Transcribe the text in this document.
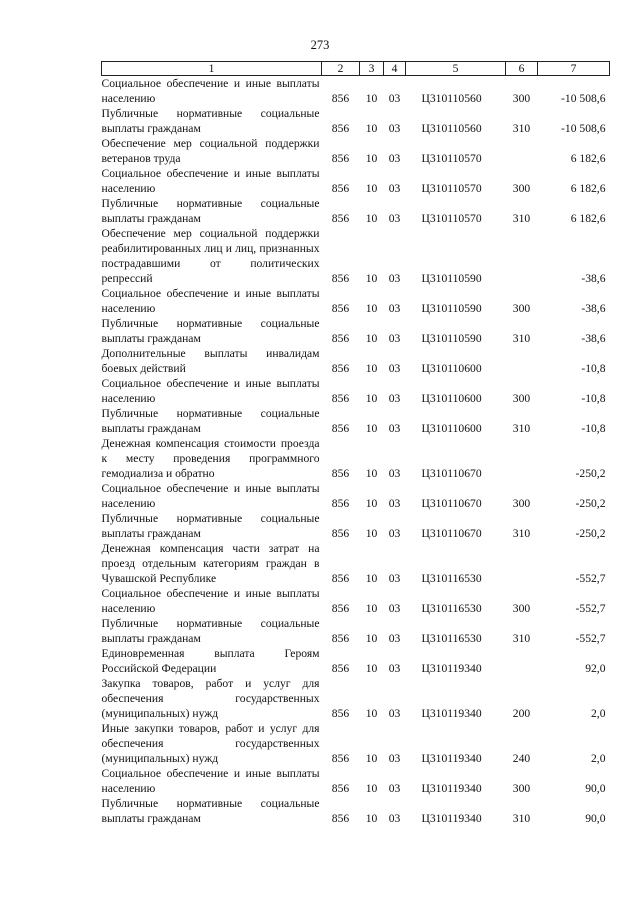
273
1	2	3	4	5	6	7
Социальное обеспечение и иные выплаты населению	856	10	03	Ц310110560	300	-10 508,6
Публичные нормативные социальные выплаты гражданам	856	10	03	Ц310110560	310	-10 508,6
Обеспечение мер социальной поддержки ветеранов труда	856	10	03	Ц310110570		6 182,6
Социальное обеспечение и иные выплаты населению	856	10	03	Ц310110570	300	6 182,6
Публичные нормативные социальные выплаты гражданам	856	10	03	Ц310110570	310	6 182,6
Обеспечение мер социальной поддержки реабилитированных лиц и лиц, признанных пострадавшими от политических репрессий	856	10	03	Ц310110590		-38,6
Социальное обеспечение и иные выплаты населению	856	10	03	Ц310110590	300	-38,6
Публичные нормативные социальные выплаты гражданам	856	10	03	Ц310110590	310	-38,6
Дополнительные выплаты инвалидам боевых действий	856	10	03	Ц310110600		-10,8
Социальное обеспечение и иные выплаты населению	856	10	03	Ц310110600	300	-10,8
Публичные нормативные социальные выплаты гражданам	856	10	03	Ц310110600	310	-10,8
Денежная компенсация стоимости проезда к месту проведения программного гемодиализа и обратно	856	10	03	Ц310110670		-250,2
Социальное обеспечение и иные выплаты населению	856	10	03	Ц310110670	300	-250,2
Публичные нормативные социальные выплаты гражданам	856	10	03	Ц310110670	310	-250,2
Денежная компенсация части затрат на проезд отдельным категориям граждан в Чувашской Республике	856	10	03	Ц310116530		-552,7
Социальное обеспечение и иные выплаты населению	856	10	03	Ц310116530	300	-552,7
Публичные нормативные социальные выплаты гражданам	856	10	03	Ц310116530	310	-552,7
Единовременная выплата Героям Российской Федерации	856	10	03	Ц310119340		92,0
Закупка товаров, работ и услуг для обеспечения государственных (муниципальных) нужд	856	10	03	Ц310119340	200	2,0
Иные закупки товаров, работ и услуг для обеспечения государственных (муниципальных) нужд	856	10	03	Ц310119340	240	2,0
Социальное обеспечение и иные выплаты населению	856	10	03	Ц310119340	300	90,0
Публичные нормативные социальные выплаты гражданам	856	10	03	Ц310119340	310	90,0
